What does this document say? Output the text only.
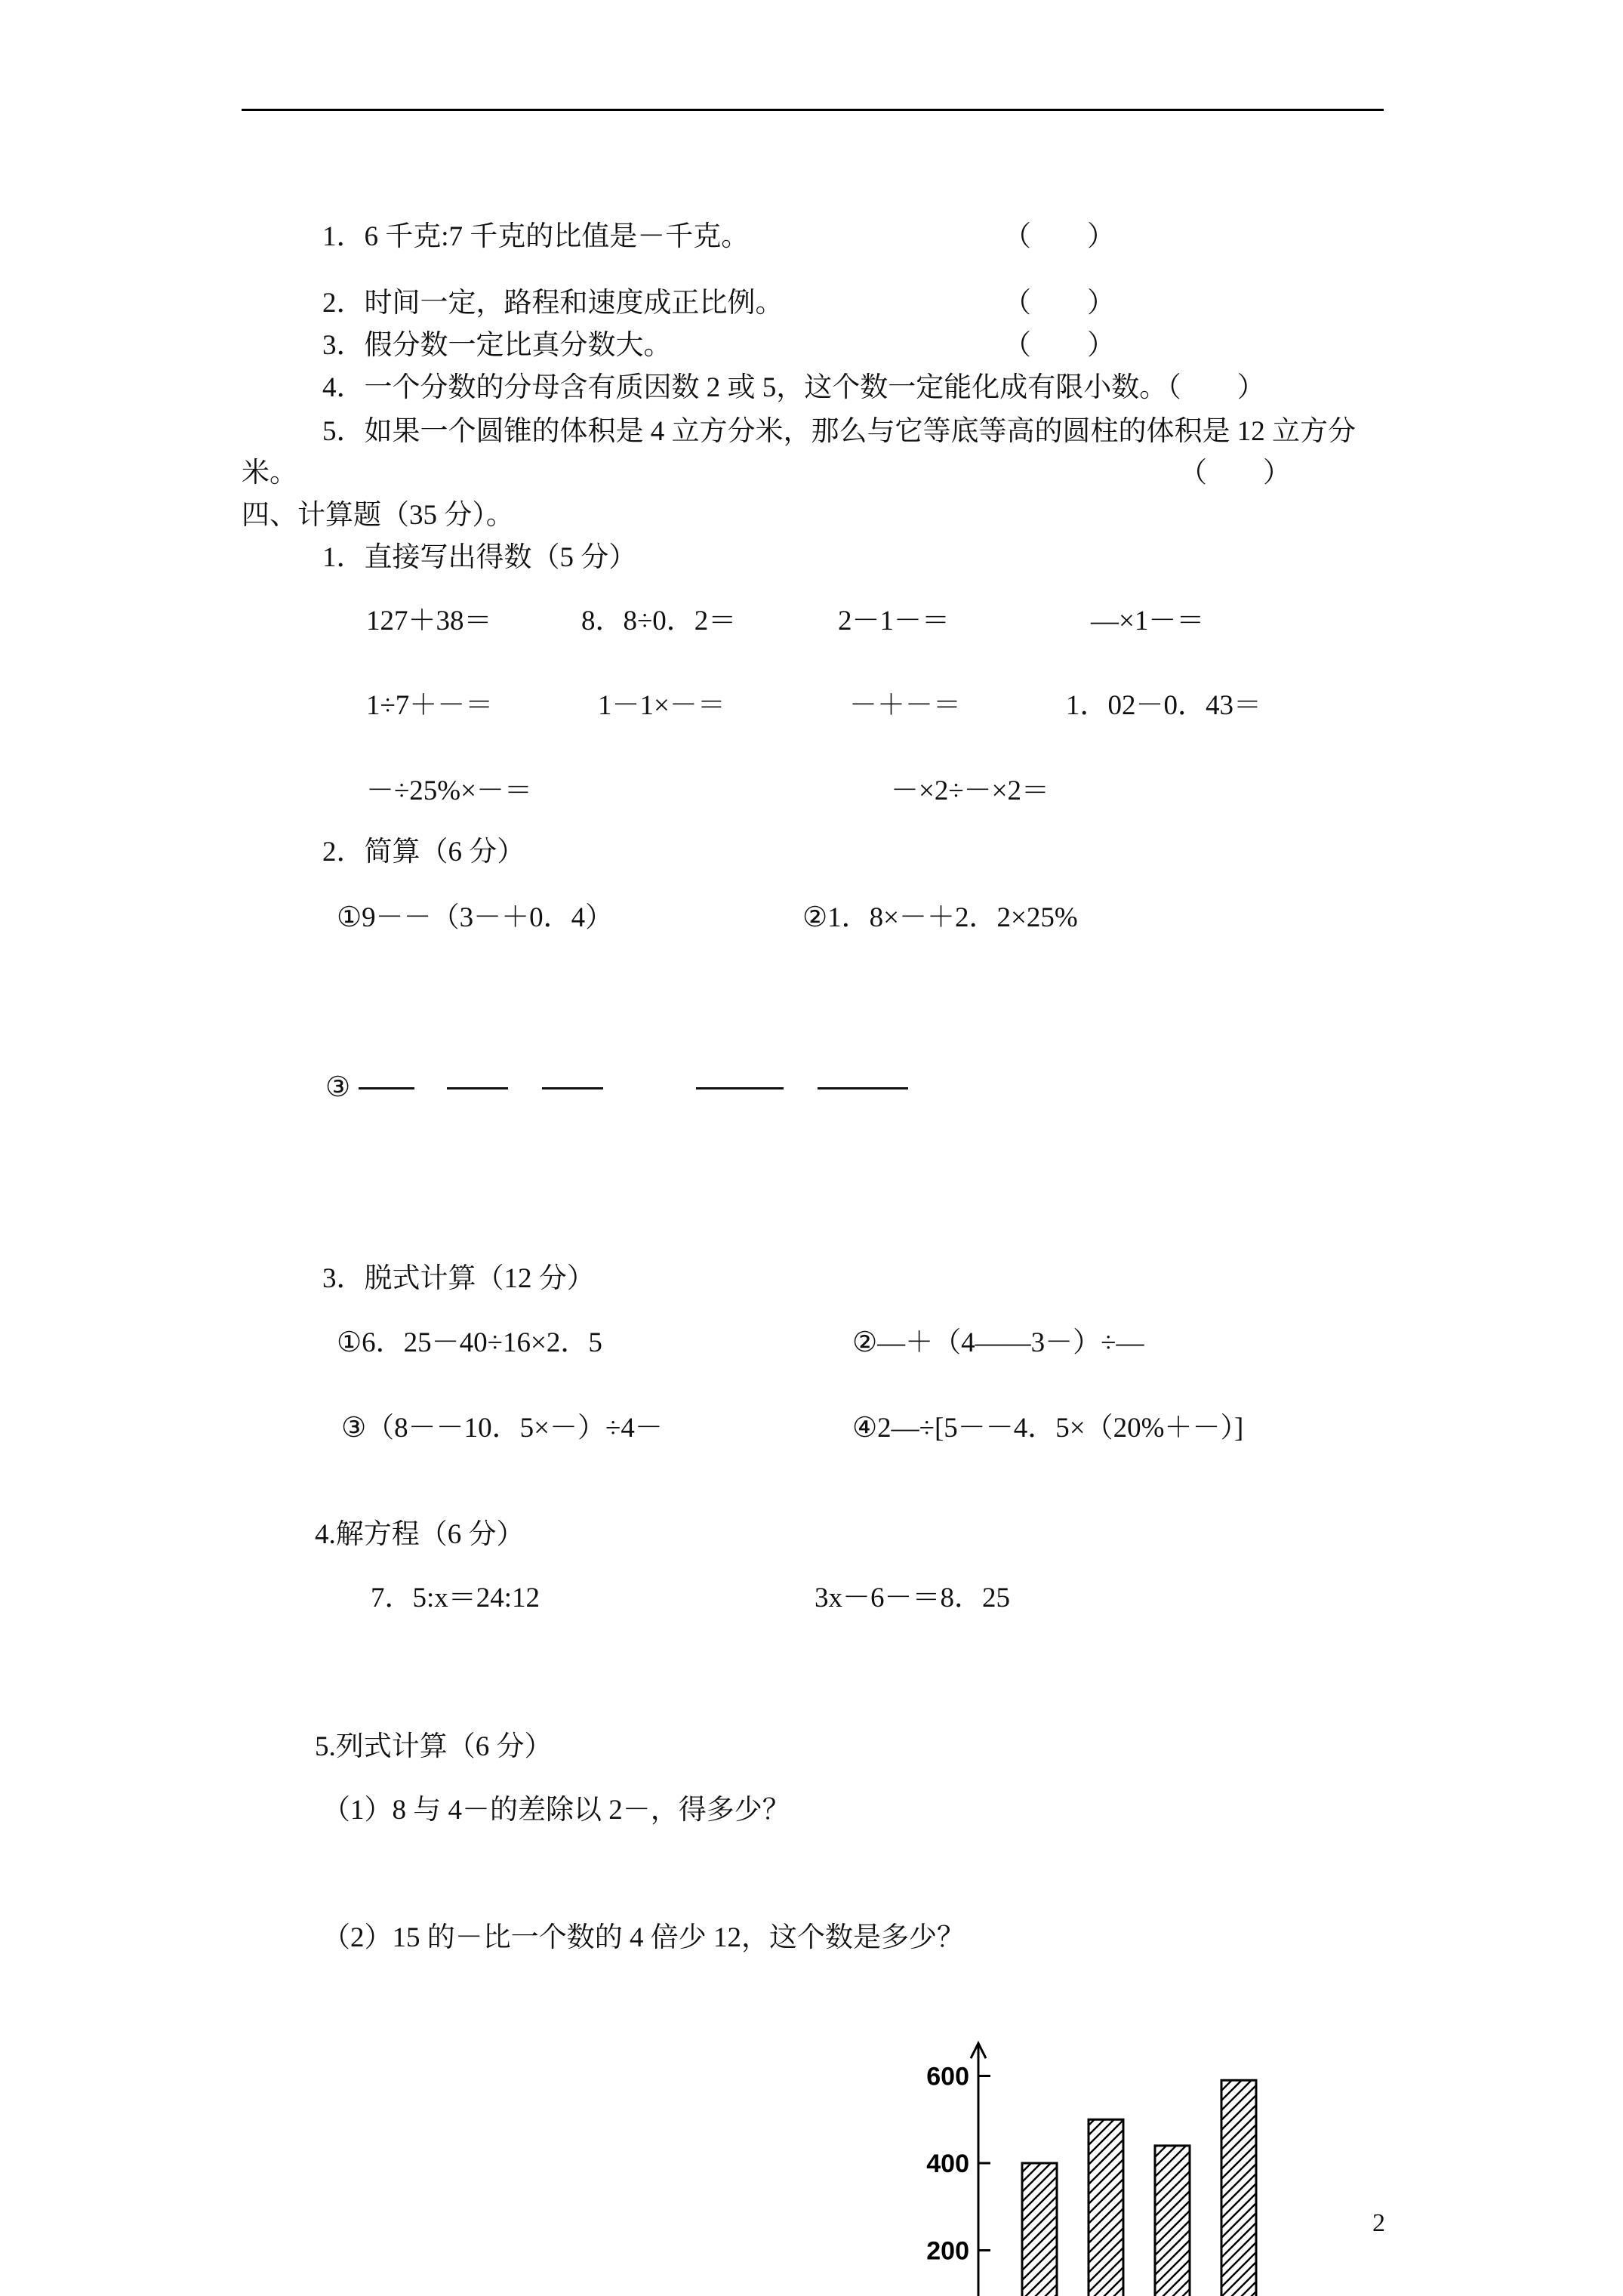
1．6 千克:7 千克的比值是－千克。	（　　）

2．时间一定，路程和速度成正比例。	（　　）

3．假分数一定比真分数大。	（　　）

4．一个分数的分母含有质因数 2 或 5，这个数一定能化成有限小数。（　　）

5．如果一个圆锥的体积是 4 立方分米，那么与它等底等高的圆柱的体积是 12 立方分

米。	（　　）

四、计算题（35 分）。

1．直接写出得数（5 分）

127＋38＝	8．8÷0．2＝	2－1－＝	—×1－＝
1÷7＋－＝	1－1×－＝	－＋－＝	1．02－0．43＝
－÷25%×－＝	－×2÷－×2＝

2．简算（6 分）

①9－－（3－＋0．4）	②1．8×－＋2．2×25%
③

3．脱式计算（12 分）

①6．25－40÷16×2．5	②—＋（4——3－）÷—
③（8－－10．5×－）÷4－	④2—÷[5－－4．5×（20%＋－）]

4.解方程（6 分）

7．5:x＝24:12	3x－6－＝8．25

5.列式计算（6 分）

（1）8 与 4－的差除以 2－，得多少？

（2）15 的－比一个数的 4 倍少 12，这个数是多少？

600
400
200
2
